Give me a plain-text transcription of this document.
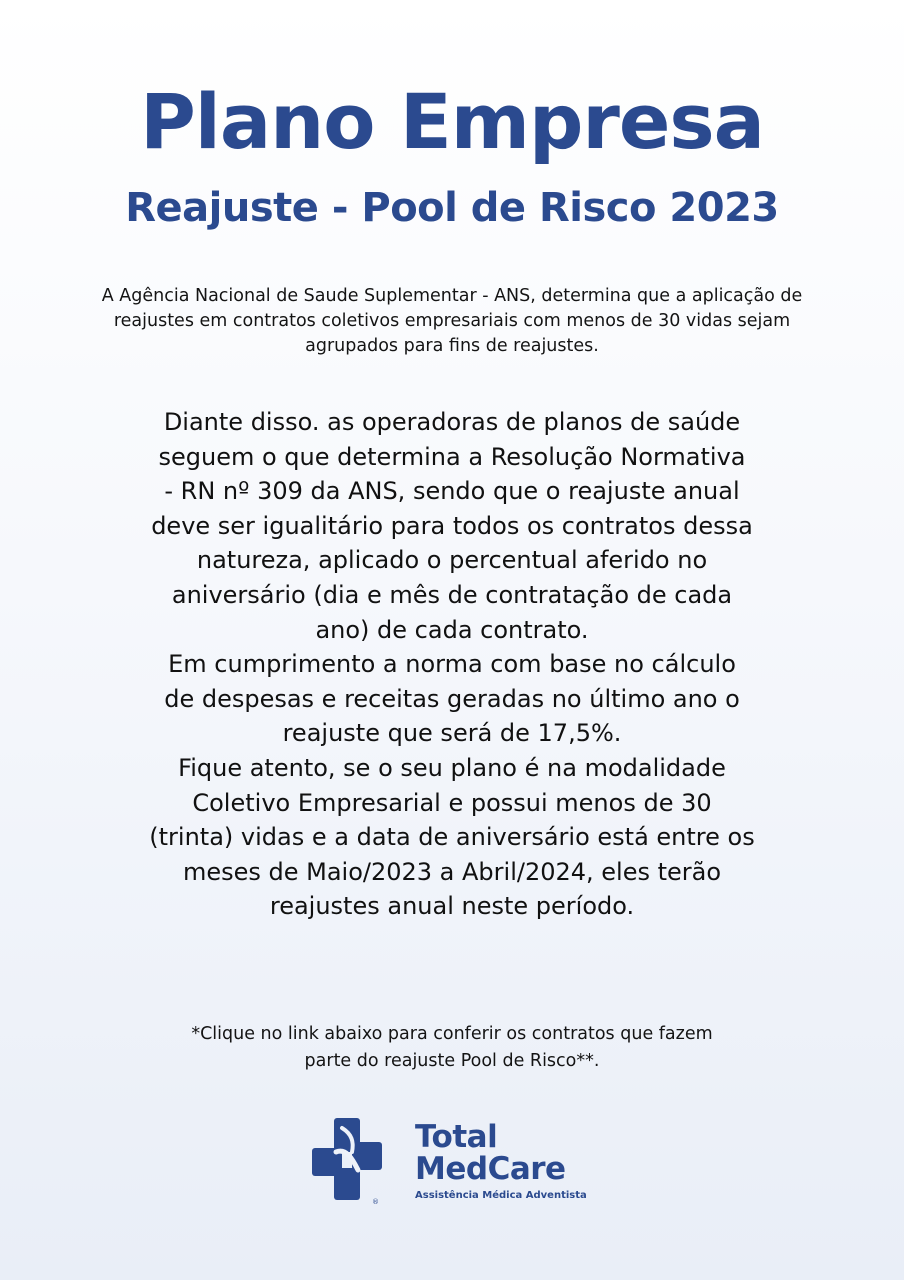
Plano Empresa
Reajuste - Pool de Risco 2023

A Agência Nacional de Saude Suplementar - ANS, determina que a aplicação de reajustes em contratos coletivos empresariais com menos de 30 vidas sejam agrupados para fins de reajustes.

Diante disso. as operadoras de planos de saúde
seguem o que determina a Resolução Normativa
- RN nº 309 da ANS, sendo que o reajuste anual
deve ser igualitário para todos os contratos dessa
natureza, aplicado o percentual aferido no
aniversário (dia e mês de contratação de cada
ano) de cada contrato.
Em cumprimento a norma com base no cálculo
de despesas e receitas geradas no último ano o
reajuste que será de 17,5%.
Fique atento, se o seu plano é na modalidade
Coletivo Empresarial e possui menos de 30
(trinta) vidas e a data de aniversário está entre os
meses de Maio/2023 a Abril/2024, eles terão
reajustes anual neste período.

*Clique no link abaixo para conferir os contratos que fazem
parte do reajuste Pool de Risco**.

®
Total
MedCare
Assistência Médica Adventista
